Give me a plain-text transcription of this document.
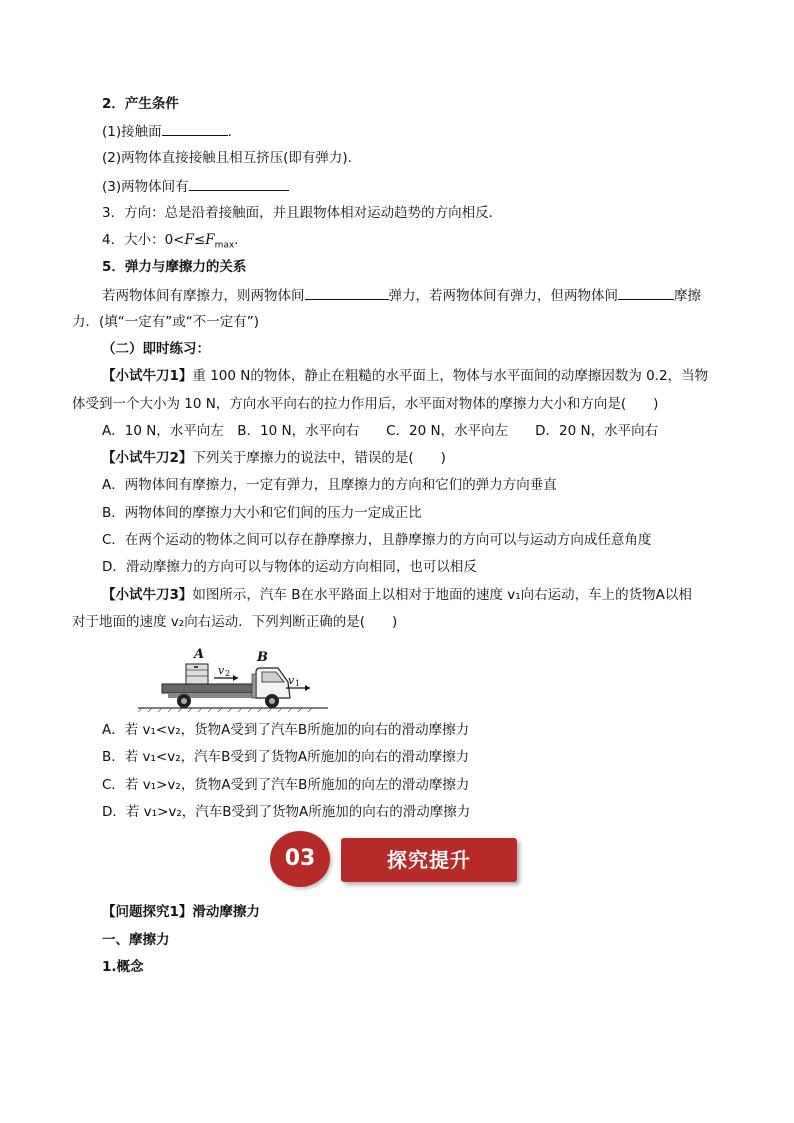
2．产生条件
(1)接触面	.
(2)两物体直接接触且相互挤压(即有弹力)．
(3)两物体间有
3．方向：总是沿着接触面，并且跟物体相对运动趋势的方向相反．
4．大小：$0<F\le F_{max}$.
5．弹力与摩擦力的关系
若两物体间有摩擦力，则两物体间	弹力，若两物体间有弹力，但两物体间	摩擦
力．(填“一定有”或“不一定有”)
（二）即时练习：
【小试牛刀1】重 100 N的物体，静止在粗糙的水平面上，物体与水平面间的动摩擦因数为 0.2，当物
体受到一个大小为 10 N，方向水平向右的拉力作用后，水平面对物体的摩擦力大小和方向是(　　)
A．10 N，水平向左　B．10 N，水平向右　　C．20 N，水平向左　　D．20 N，水平向右
【小试牛刀2】下列关于摩擦力的说法中，错误的是(　　)
A．两物体间有摩擦力，一定有弹力，且摩擦力的方向和它们的弹力方向垂直
B．两物体间的摩擦力大小和它们间的压力一定成正比
C．在两个运动的物体之间可以存在静摩擦力，且静摩擦力的方向可以与运动方向成任意角度
D．滑动摩擦力的方向可以与物体的运动方向相同，也可以相反
【小试牛刀3】如图所示，汽车 B在水平路面上以相对于地面的速度 v₁向右运动，车上的货物A以相
对于地面的速度 v₂向右运动．下列判断正确的是(　　)
A	B
v 2
v 1
A．若 v₁<v₂，货物A受到了汽车B所施加的向右的滑动摩擦力
B．若 v₁<v₂，汽车B受到了货物A所施加的向右的滑动摩擦力
C．若 v₁>v₂，货物A受到了汽车B所施加的向左的滑动摩擦力
D．若 v₁>v₂，汽车B受到了货物A所施加的向右的滑动摩擦力
03	探究提升
【问题探究1】滑动摩擦力
一、摩擦力
1.概念
